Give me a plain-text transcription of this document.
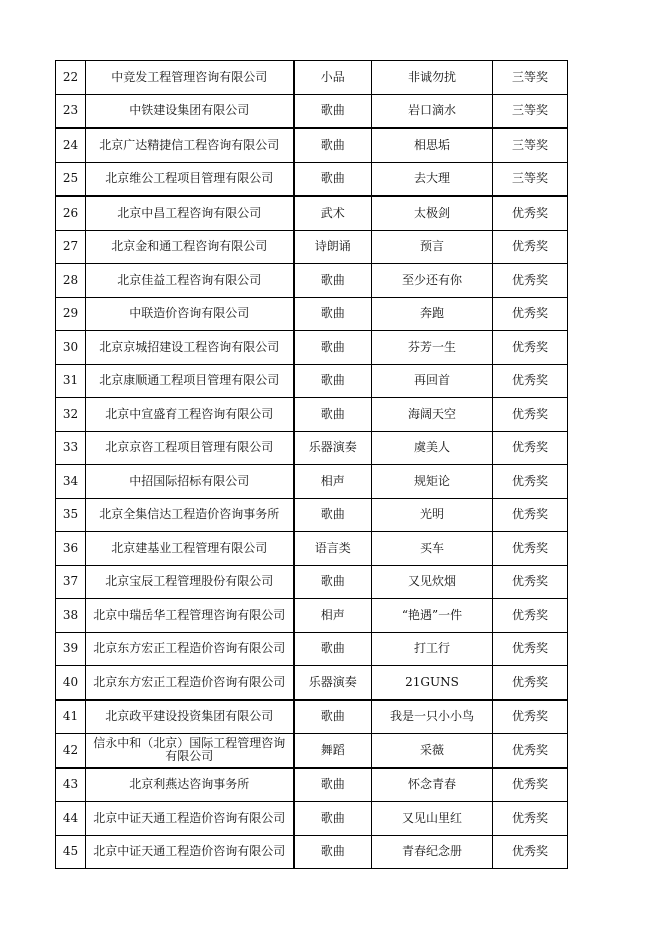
22	中竞发工程管理咨询有限公司	小品	非诚勿扰	三等奖
23	中铁建设集团有限公司	歌曲	岩口滴水	三等奖
24	北京广达精捷信工程咨询有限公司	歌曲	相思垢	三等奖
25	北京维公工程项目管理有限公司	歌曲	去大理	三等奖
26	北京中昌工程咨询有限公司	武术	太极剑	优秀奖
27	北京金和通工程咨询有限公司	诗朗诵	预言	优秀奖
28	北京佳益工程咨询有限公司	歌曲	至少还有你	优秀奖
29	中联造价咨询有限公司	歌曲	奔跑	优秀奖
30	北京京城招建设工程咨询有限公司	歌曲	芬芳一生	优秀奖
31	北京康顺通工程项目管理有限公司	歌曲	再回首	优秀奖
32	北京中宣盛育工程咨询有限公司	歌曲	海阔天空	优秀奖
33	北京京咨工程项目管理有限公司	乐器演奏	虞美人	优秀奖
34	中招国际招标有限公司	相声	规矩论	优秀奖
35	北京全集信达工程造价咨询事务所	歌曲	光明	优秀奖
36	北京建基业工程管理有限公司	语言类	买车	优秀奖
37	北京宝辰工程管理股份有限公司	歌曲	又见炊烟	优秀奖
38	北京中瑞岳华工程管理咨询有限公司	相声	“艳遇”一件	优秀奖
39	北京东方宏正工程造价咨询有限公司	歌曲	打工行	优秀奖
40	北京东方宏正工程造价咨询有限公司	乐器演奏	21GUNS	优秀奖
41	北京政平建设投资集团有限公司	歌曲	我是一只小小鸟	优秀奖
42	信永中和（北京）国际工程管理咨询有限公司	舞蹈	采薇	优秀奖
43	北京利燕达咨询事务所	歌曲	怀念青春	优秀奖
44	北京中证天通工程造价咨询有限公司	歌曲	又见山里红	优秀奖
45	北京中证天通工程造价咨询有限公司	歌曲	青春纪念册	优秀奖
